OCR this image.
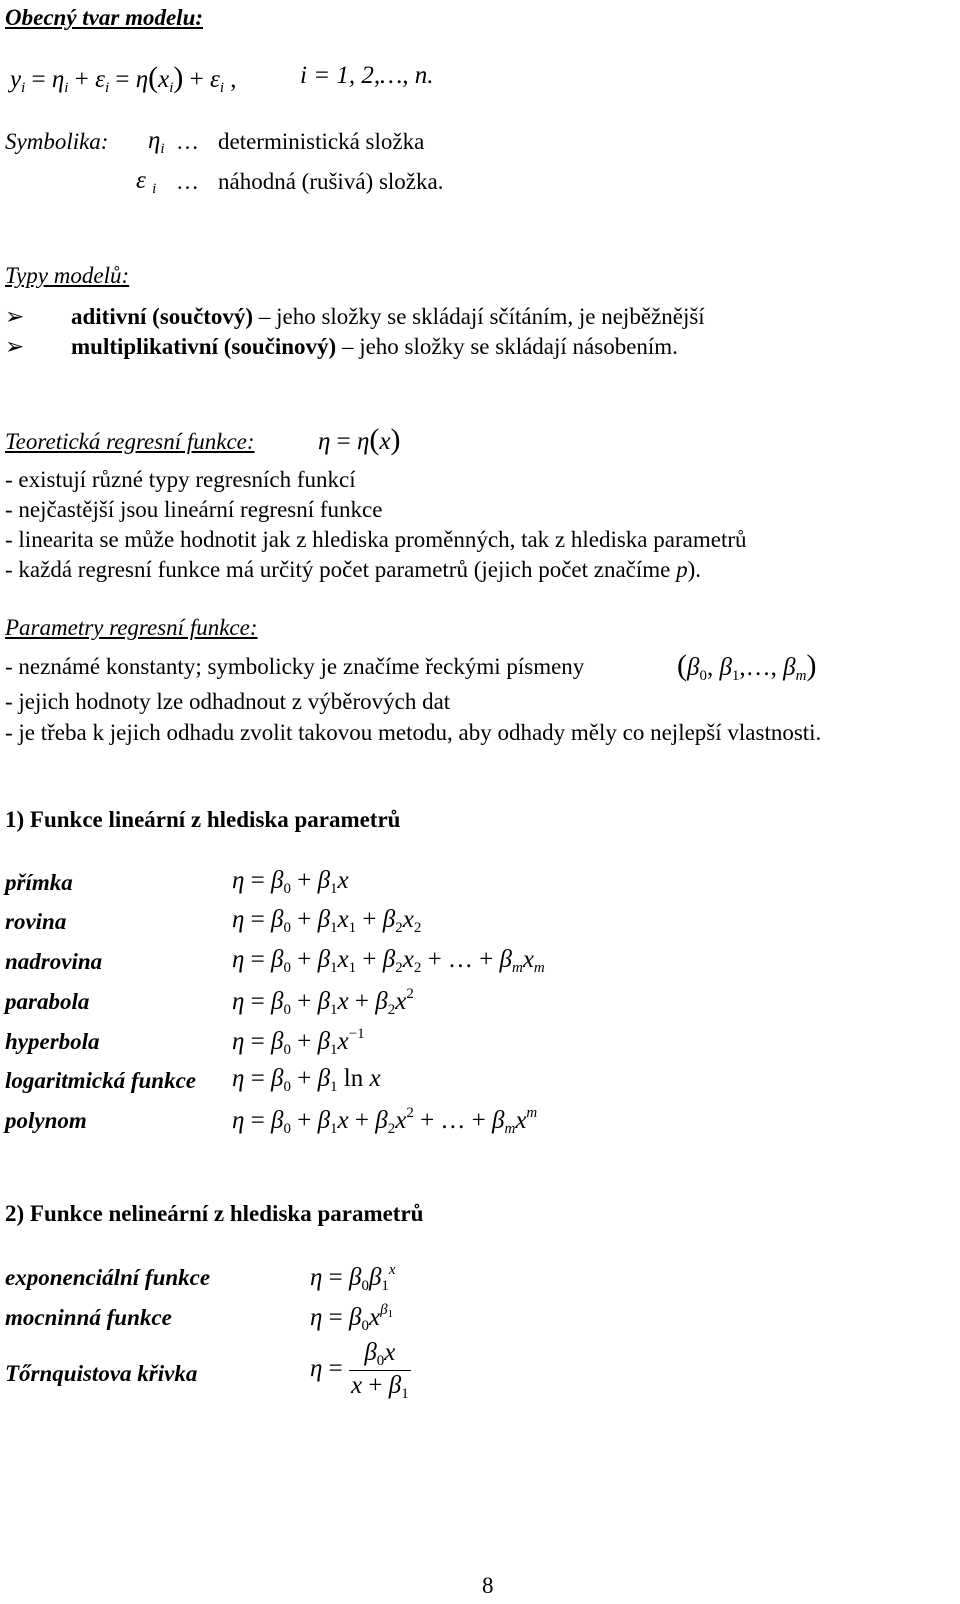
Obecný tvar modelu:
$y_i = \eta_i + \varepsilon_i = \eta(x_i) + \varepsilon_i$ ,	i = 1, 2,…, n.
Symbolika: $\eta_i$ … deterministická složka
ε $_i$ … náhodná (rušivá) složka.
Typy modelů:
➢ aditivní (součtový) – jeho složky se skládají sčítáním, je nejběžnější
➢ multiplikativní (součinový) – jeho složky se skládají násobením.
Teoretická regresní funkce:	η = η(x)
- existují různé typy regresních funkcí
- nejčastější jsou lineární regresní funkce
- linearita se může hodnotit jak z hlediska proměnných, tak z hlediska parametrů
- každá regresní funkce má určitý počet parametrů (jejich počet značíme p).
Parametry regresní funkce:
- neznámé konstanty; symbolicky je značíme řeckými písmeny	($\beta_0$, $\beta_1,\dots$, $\beta_m$)
- jejich hodnoty lze odhadnout z výběrových dat
- je třeba k jejich odhadu zvolit takovou metodu, aby odhady měly co nejlepší vlastnosti.
1) Funkce lineární z hlediska parametrů
přímka	$\eta = \beta_0 + \beta_1x$
rovina	$\eta = \beta_0 + \beta_1x_1 + \beta_2x_2$
nadrovina	$\eta = \beta_0 + \beta_1x_1 + \beta_2x_2$ + … + $\beta_mx_m$
parabola	$\eta = \beta_0 + \beta_1x + \beta_2x^2$
hyperbola	$\eta = \beta_0 + \beta_1x^{-1}$
logaritmická funkce $\eta = \beta_0 + \beta_1$ ln x
polynom	$\eta = \beta_0 + \beta_1x + \beta_2x^2$ + … + $\beta_mx^m$
2) Funkce nelineární z hlediska parametrů
exponenciální funkce	$\eta = \beta_0\beta_1^x$
mocninná funkce	$\eta = \beta_0x^{\beta_1}$
Tőrnquistova křivka	$\eta = \frac{\beta_0x}{x + \beta_1}$
8
